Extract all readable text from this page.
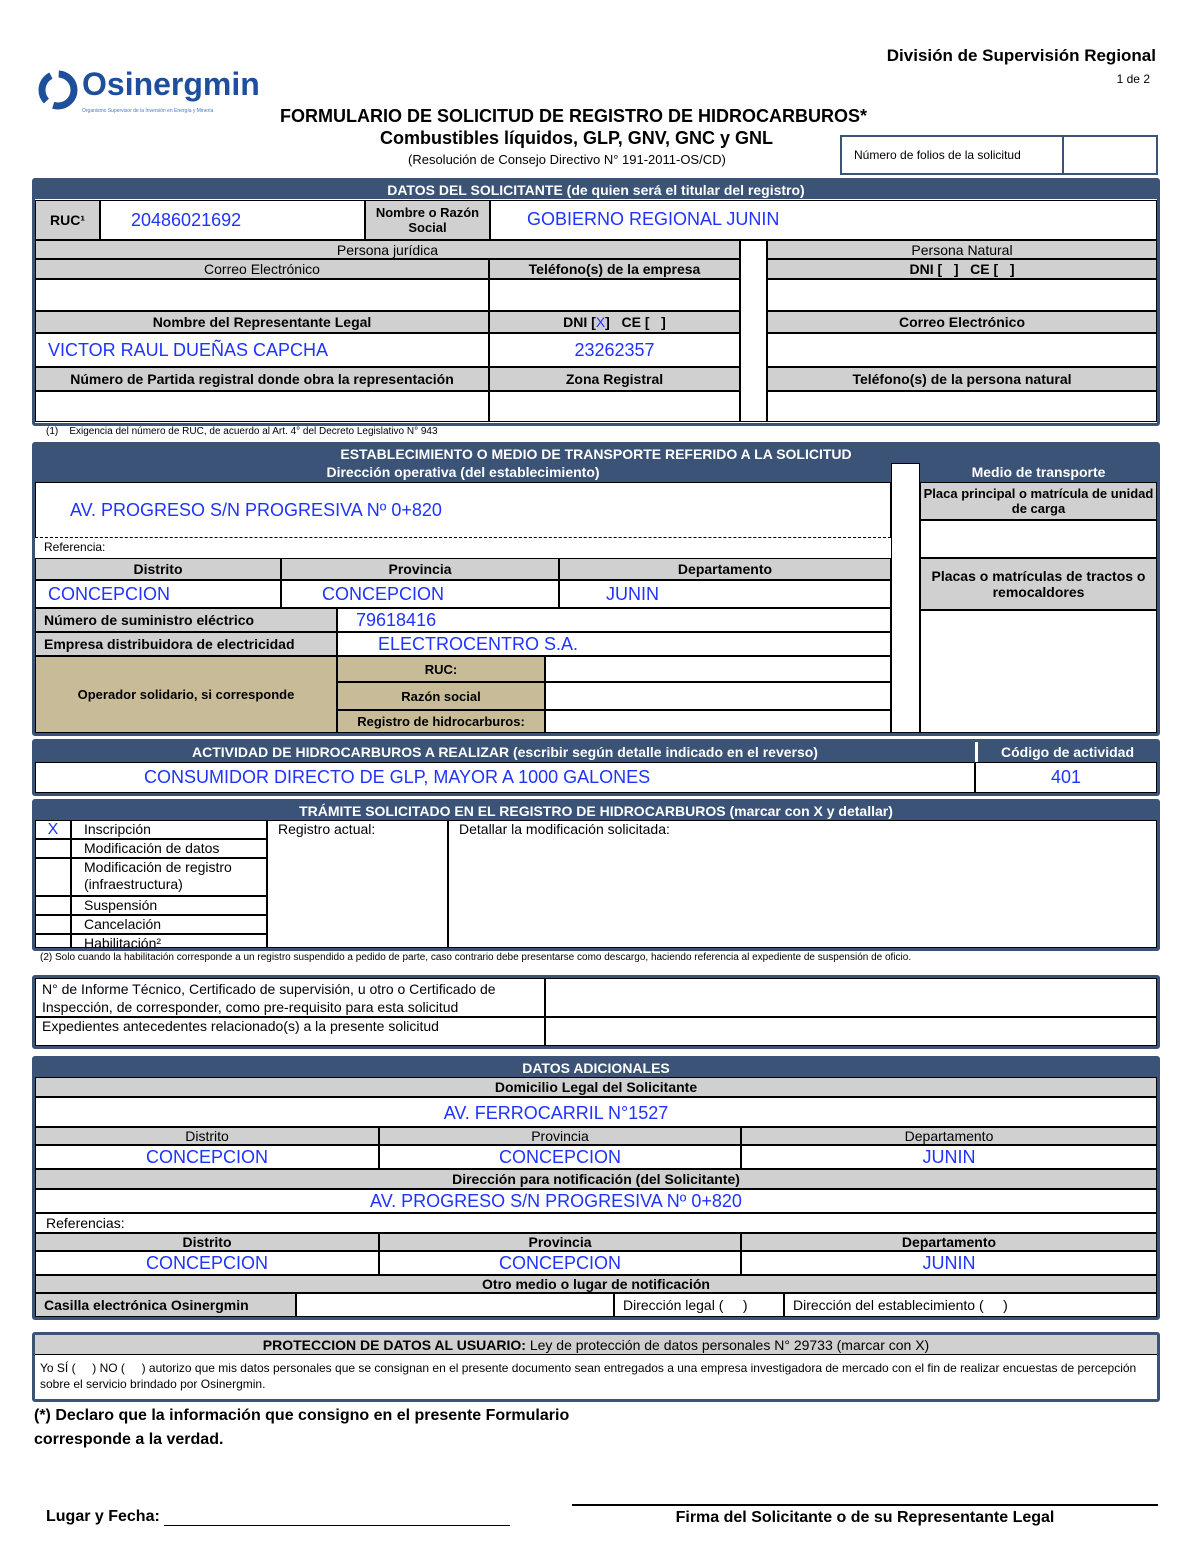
División de Supervisión Regional
1 de 2
Osinergmin
Organismo Supervisor de la Inversión en Energía y Minería	FORMULARIO DE SOLICITUD DE REGISTRO DE HIDROCARBUROS*
Combustibles líquidos, GLP, GNV, GNC y GNL
(Resolución de Consejo Directivo N° 191-2011-OS/CD)	Número de folios de la solicitud
DATOS DEL SOLICITANTE (de quien será el titular del registro)
RUC¹	20486021692	Nombre o Razón Social	GOBIERNO REGIONAL JUNIN
Persona jurídica	Persona Natural
Correo Electrónico	Teléfono(s) de la empresa	DNI [   ]   CE [   ]
Nombre del Representante Legal	DNI [ X ]   CE [   ]	Correo Electrónico
VICTOR RAUL DUEÑAS CAPCHA	23262357
Número de Partida registral donde obra la representación	Zona Registral	Teléfono(s) de la persona natural
(1)    Exigencia del número de RUC, de acuerdo al Art. 4° del Decreto Legislativo N° 943
ESTABLECIMIENTO O MEDIO DE TRANSPORTE REFERIDO A LA SOLICITUD
Dirección operativa (del establecimiento)	Medio de transporte
AV. PROGRESO S/N PROGRESIVA Nº 0+820
Referencia:
Placa principal o matrícula de unidad de carga
Placas o matrículas de tractos o remocaldores
Distrito	Provincia	Departamento
CONCEPCION	CONCEPCION	JUNIN
Número de suministro eléctrico	79618416
Empresa distribuidora de electricidad	ELECTROCENTRO S.A.
Operador solidario, si corresponde
RUC:
Razón social
Registro de hidrocarburos:
ACTIVIDAD DE HIDROCARBUROS A REALIZAR (escribir según detalle indicado en el reverso)	Código de actividad
CONSUMIDOR DIRECTO DE GLP, MAYOR A 1000 GALONES	401
TRÁMITE SOLICITADO EN EL REGISTRO DE HIDROCARBUROS (marcar con X y detallar)
Registro actual:	Detallar la modificación solicitada:
(2) Solo cuando la habilitación corresponde a un registro suspendido a pedido de parte, caso contrario debe presentarse como descargo, haciendo referencia al expediente de suspensión de oficio.
N° de Informe Técnico, Certificado de supervisión, u otro o Certificado de Inspección, de corresponder, como pre-requisito para esta solicitud
Expedientes antecedentes relacionado(s) a la presente solicitud
DATOS ADICIONALES
Domicilio Legal del Solicitante
AV. FERROCARRIL N°1527
Distrito	Provincia	Departamento
CONCEPCION	CONCEPCION	JUNIN
Dirección para notificación (del Solicitante)
AV. PROGRESO S/N PROGRESIVA Nº 0+820
Referencias:
Distrito	Provincia	Departamento
CONCEPCION	CONCEPCION	JUNIN
Otro medio o lugar de notificación
Casilla electrónica Osinergmin	Dirección legal (     )	Dirección del establecimiento (     )
PROTECCION DE DATOS AL USUARIO: Ley de protección de datos personales N° 29733 (marcar con X)
Yo SÍ (     ) NO (     ) autorizo que mis datos personales que se consignan en el presente documento sean entregados a una empresa investigadora de mercado con el fin de realizar encuestas de percepción sobre el servicio brindado por Osinergmin.
(*) Declaro que la información que consigno en el presente Formulario corresponde a la verdad.
Lugar y Fecha:	Firma del Solicitante o de su Representante Legal
X	Inscripción
Modificación de datos
Modificación de registro (infraestructura)
Suspensión
Cancelación
Habilitación²
